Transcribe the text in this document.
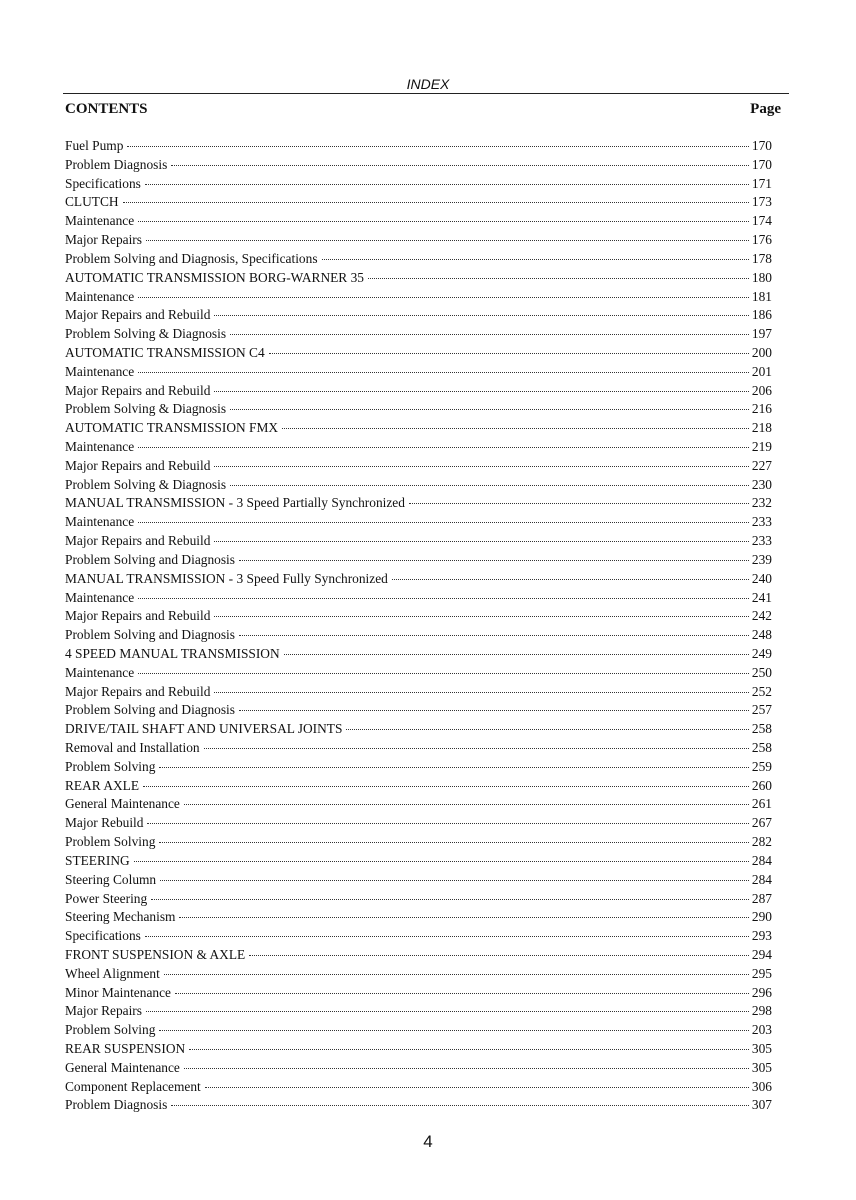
INDEX
CONTENTS	Page
Fuel Pump	170
Problem Diagnosis	170
Specifications	171
CLUTCH	173
Maintenance	174
Major Repairs	176
Problem Solving and Diagnosis, Specifications	178
AUTOMATIC TRANSMISSION BORG-WARNER 35	180
Maintenance	181
Major Repairs and Rebuild	186
Problem Solving & Diagnosis	197
AUTOMATIC TRANSMISSION C4	200
Maintenance	201
Major Repairs and Rebuild	206
Problem Solving & Diagnosis	216
AUTOMATIC TRANSMISSION FMX	218
Maintenance	219
Major Repairs and Rebuild	227
Problem Solving & Diagnosis	230
MANUAL TRANSMISSION - 3 Speed Partially Synchronized	232
Maintenance	233
Major Repairs and Rebuild	233
Problem Solving and Diagnosis	239
MANUAL TRANSMISSION - 3 Speed Fully Synchronized	240
Maintenance	241
Major Repairs and Rebuild	242
Problem Solving and Diagnosis	248
4 SPEED MANUAL TRANSMISSION	249
Maintenance	250
Major Repairs and Rebuild	252
Problem Solving and Diagnosis	257
DRIVE/TAIL SHAFT AND UNIVERSAL JOINTS	258
Removal and Installation	258
Problem Solving	259
REAR AXLE	260
General Maintenance	261
Major Rebuild	267
Problem Solving	282
STEERING	284
Steering Column	284
Power Steering	287
Steering Mechanism	290
Specifications	293
FRONT SUSPENSION & AXLE	294
Wheel Alignment	295
Minor Maintenance	296
Major Repairs	298
Problem Solving	203
REAR SUSPENSION	305
General Maintenance	305
Component Replacement	306
Problem Diagnosis	307
4
